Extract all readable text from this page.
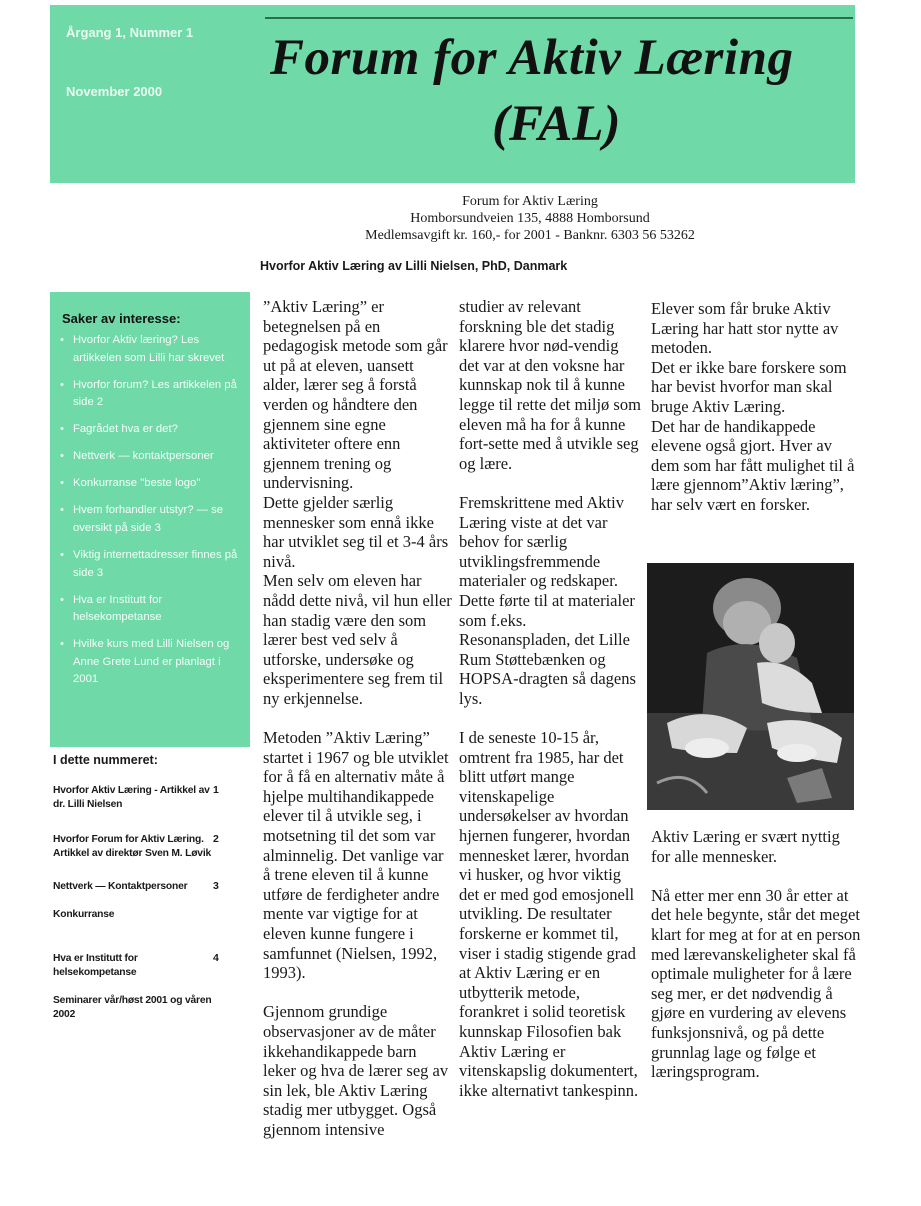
Årgang 1, Nummer 1
November 2000
Forum for Aktiv Læring
(FAL)
Forum for Aktiv Læring
Homborsundveien 135, 4888 Homborsund
Medlemsavgift kr. 160,- for 2001 - Banknr. 6303 56 53262
Hvorfor Aktiv Læring av Lilli Nielsen, PhD, Danmark
Saker av interesse:
• Hvorfor Aktiv læring? Les artikkelen som Lilli har skrevet
• Hvorfor forum? Les artikkelen på side 2
• Fagrådet hva er det?
• Nettverk — kontaktpersoner
• Konkurranse "beste logo"
• Hvem forhandler utstyr? — se oversikt på side 3
• Viktig internettadresser finnes på side 3
• Hva er Institutt for helsekompetanse
• Hvilke kurs med Lilli Nielsen og Anne Grete Lund er planlagt i 2001
I dette nummeret:
Hvorfor Aktiv Læring - Artikkel av dr. Lilli Nielsen
1
Hvorfor Forum for Aktiv Læring. Artikkel av direktør Sven M. Løvik
2
Nettverk — Kontaktpersoner	3
Konkurranse
Hva er Institutt for helsekompetanse
4
Seminarer vår/høst 2001 og våren 2002

”Aktiv Læring” er betegnelsen på en pedagogisk metode som går ut på at eleven, uansett alder, lærer seg å forstå verden og håndtere den gjennem sine egne aktiviteter oftere enn gjennem trening og undervisning.

Dette gjelder særlig mennesker som ennå ikke har utviklet seg til et 3-4 års nivå.

Men selv om eleven har nådd dette nivå, vil hun eller han stadig være den som lærer best ved selv å utforske, undersøke og eksperimentere seg frem til ny erkjennelse.

Metoden ”Aktiv Læring” startet i 1967 og ble utviklet for å få en alternativ måte å hjelpe multihandikappede elever til å utvikle seg, i motsetning til det som var alminnelig. Det vanlige var å trene eleven til å kunne utføre de ferdigheter andre mente var vigtige for at eleven kunne fungere i samfunnet (Nielsen, 1992, 1993).

Gjennom grundige observasjoner av de måter ikkehandikappede barn leker og hva de lærer seg av sin lek, ble Aktiv Læring stadig mer utbygget. Også gjennom intensive

studier av relevant forskning ble det stadig klarere hvor nød-vendig det var at den voksne har kunnskap nok til å kunne legge til rette det miljø som eleven må ha for å kunne fort-sette med å utvikle seg og lære.

Fremskrittene med Aktiv Læring viste at det var behov for særlig utviklingsfremmende materialer og redskaper. Dette førte til at materialer som f.eks. Resonanspladen, det Lille Rum Støttebænken og HOPSA-dragten så dagens lys.

I de seneste 10-15 år, omtrent fra 1985, har det blitt utført mange vitenskapelige undersøkelser av hvordan hjernen fungerer, hvordan mennesket lærer, hvordan vi husker, og hvor viktig det er med god emosjonell utvikling. De resultater forskerne er kommet til, viser i stadig stigende grad at Aktiv Læring er en utbytterik metode, forankret i solid teoretisk kunnskap Filosofien bak Aktiv Læring er vitenskapslig dokumentert, ikke alternativt tankespinn.

Elever som får bruke Aktiv Læring har hatt stor nytte av metoden.

Det er ikke bare forskere som har bevist hvorfor man skal bruge Aktiv Læring.

Det har de handikappede elevene også gjort. Hver av dem som har fått mulighet til å lære gjennom”Aktiv læring”, har selv vært en forsker.

Aktiv Læring er svært nyttig for alle mennesker.

Nå etter mer enn 30 år etter at det hele begynte, står det meget klart for meg at for at en person med lærevanskeligheter skal få optimale muligheter for å lære seg mer, er det nødvendig å gjøre en vurdering av elevens funksjonsnivå, og på dette grunnlag lage og følge et læringsprogram.
